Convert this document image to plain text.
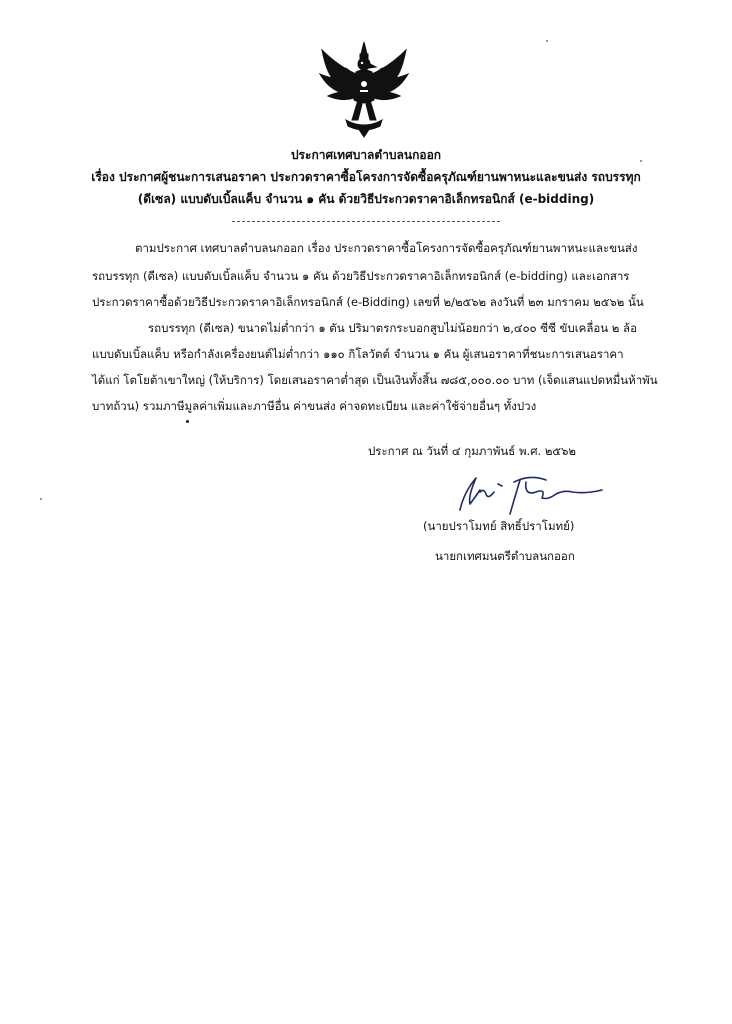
ประกาศเทศบาลตำบลนกออก
เรื่อง ประกาศผู้ชนะการเสนอราคา ประกวดราคาซื้อโครงการจัดซื้อครุภัณฑ์ยานพาหนะและขนส่ง รถบรรทุก
(ดีเซล) แบบดับเบิ้ลแค็บ จำนวน ๑ คัน ด้วยวิธีประกวดราคาอิเล็กทรอนิกส์ (e-bidding)
ตามประกาศ เทศบาลตำบลนกออก เรื่อง ประกวดราคาซื้อโครงการจัดซื้อครุภัณฑ์ยานพาหนะและขนส่ง
รถบรรทุก (ดีเซล) แบบดับเบิ้ลแค็บ จำนวน ๑ คัน ด้วยวิธีประกวดราคาอิเล็กทรอนิกส์ (e-bidding) และเอกสาร
ประกวดราคาซื้อด้วยวิธีประกวดราคาอิเล็กทรอนิกส์ (e-Bidding) เลขที่ ๒/๒๕๖๒ ลงวันที่ ๒๓ มกราคม ๒๕๖๒ นั้น
รถบรรทุก (ดีเซล) ขนาดไม่ต่ำกว่า ๑ ตัน ปริมาตรกระบอกสูบไม่น้อยกว่า ๒,๔๐๐ ซีซี ขับเคลื่อน ๒ ล้อ
แบบดับเบิ้ลแค็บ หรือกำลังเครื่องยนต์ไม่ต่ำกว่า ๑๑๐ กิโลวัตต์ จำนวน ๑ คัน ผู้เสนอราคาที่ชนะการเสนอราคา
ได้แก่ โตโยต้าเขาใหญ่ (ให้บริการ) โดยเสนอราคาต่ำสุด เป็นเงินทั้งสิ้น ๗๘๕,๐๐๐.๐๐ บาท (เจ็ดแสนแปดหมื่นห้าพัน
บาทถ้วน) รวมภาษีมูลค่าเพิ่มและภาษีอื่น ค่าขนส่ง ค่าจดทะเบียน และค่าใช้จ่ายอื่นๆ ทั้งปวง
ประกาศ ณ วันที่ ๔ กุมภาพันธ์ พ.ศ. ๒๕๖๒
(นายปราโมทย์ สิทธิ์ปราโมทย์)
นายกเทศมนตรีตำบลนกออก
